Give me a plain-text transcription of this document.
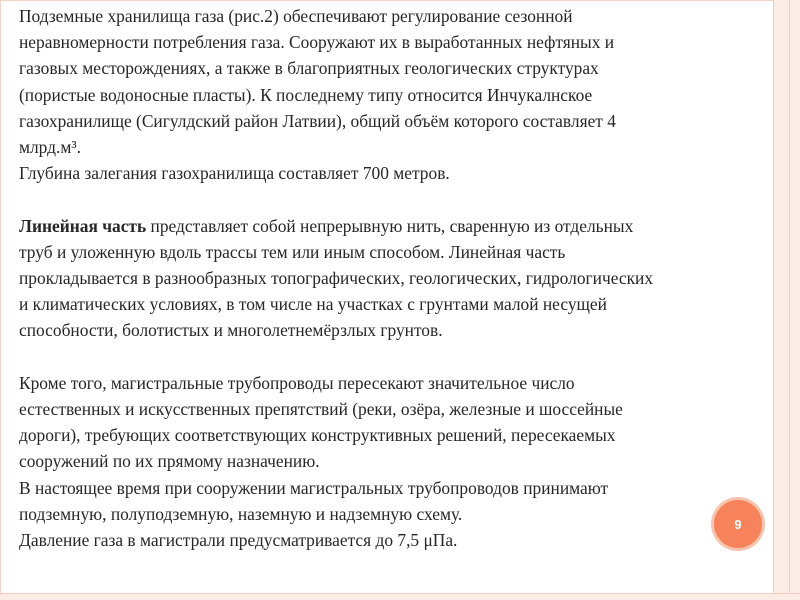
Подземные хранилища газа (рис.2) обеспечивают регулирование сезонной
неравномерности потребления газа. Сооружают их в выработанных нефтяных и
газовых месторождениях, а также в благоприятных геологических структурах
(пористые водоносные пласты). К последнему типу относится Инчукалнское
газохранилище (Сигулдский район Латвии), общий объём которого составляет 4
млрд.м³.

Глубина залегания газохранилища составляет 700 метров.

Линейная часть представляет собой непрерывную нить, сваренную из отдельных
труб и уложенную вдоль трассы тем или иным способом. Линейная часть
прокладывается в разнообразных топографических, геологических, гидрологических
и климатических условиях, в том числе на участках с грунтами малой несущей
способности, болотистых и многолетнемёрзлых грунтов.

Кроме того, магистральные трубопроводы пересекают значительное число
естественных и искусственных препятствий (реки, озёра, железные и шоссейные
дороги), требующих соответствующих конструктивных решений, пересекаемых
сооружений по их прямому назначению.

В настоящее время при сооружении магистральных трубопроводов принимают
подземную, полуподземную, наземную и надземную схему.

Давление газа в магистрали предусматривается до 7,5 μПа.

9
